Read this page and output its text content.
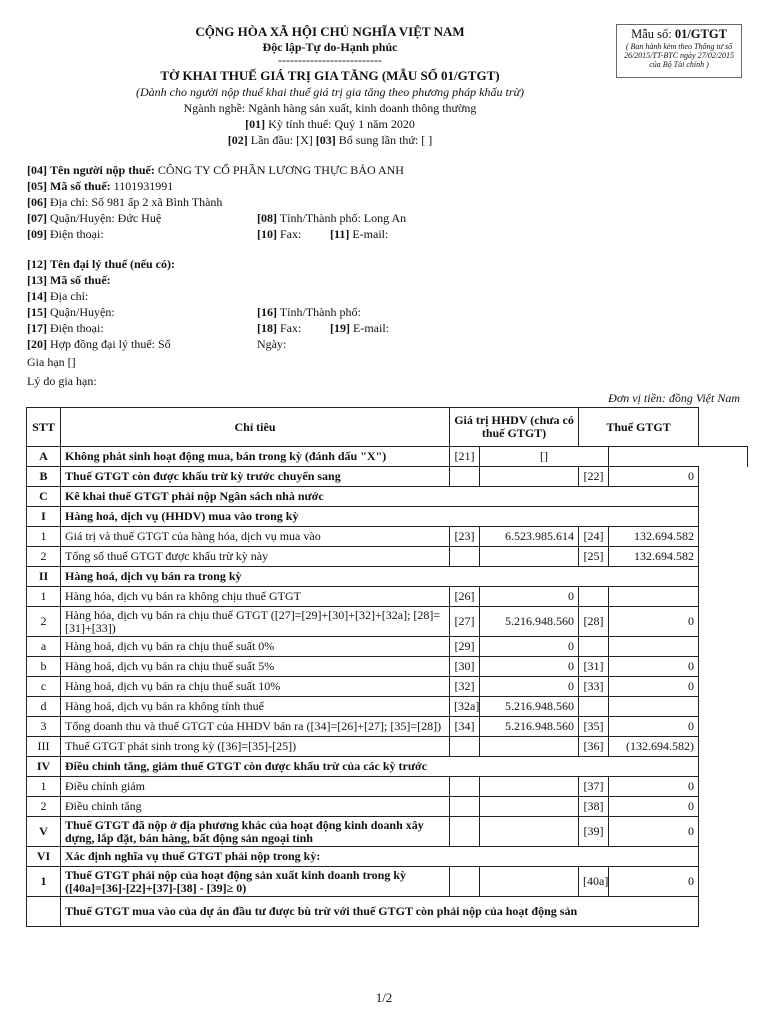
CỘNG HÒA XÃ HỘI CHỦ NGHĨA VIỆT NAM
Độc lập-Tự do-Hạnh phúc
--------------------------
TỜ KHAI THUẾ GIÁ TRỊ GIA TĂNG (MẪU SỐ 01/GTGT)
(Dành cho người nộp thuế khai thuế giá trị gia tăng theo phương pháp khấu trừ)
Ngành nghề: Ngành hàng sản xuất, kinh doanh thông thường
[01] Kỳ tính thuế: Quý 1 năm 2020
[02] Lần đầu: [X] [03] Bổ sung lần thứ: [ ]
Mẫu số: 01/GTGT
( Ban hành kèm theo Thông tư số 26/2015/TT-BTC ngày 27/02/2015 của Bộ Tài chính )
[04] Tên người nộp thuế: CÔNG TY CỔ PHẦN LƯƠNG THỰC BẢO ANH
[05] Mã số thuế: 1101931991
[06] Địa chỉ: Số 981 ấp 2 xã Bình Thành
[07] Quận/Huyện: Đức Huệ	[08] Tỉnh/Thành phố: Long An
[09] Điện thoại:	[10] Fax: [11] E-mail:
[12] Tên đại lý thuế (nếu có):
[13] Mã số thuế:
[14] Địa chỉ:
[15] Quận/Huyện:	[16] Tỉnh/Thành phố:
[17] Điện thoại:	[18] Fax: [19] E-mail:
[20] Hợp đồng đại lý thuế: Số	Ngày:
Gia hạn []
Lý do gia hạn:
Đơn vị tiền: đồng Việt Nam
STT	Chỉ tiêu	Giá trị HHDV (chưa có thuế GTGT)		Thuế GTGT	
A	Không phát sinh hoạt động mua, bán trong kỳ (đánh dấu "X")	[21]	[]		
B	Thuế GTGT còn được khấu trừ kỳ trước chuyển sang			[22]	0
C	Kê khai thuế GTGT phải nộp Ngân sách nhà nước				
I	Hàng hoá, dịch vụ (HHDV) mua vào trong kỳ				
1	Giá trị và thuế GTGT của hàng hóa, dịch vụ mua vào	[23]	6.523.985.614	[24]	132.694.582
2	Tổng số thuế GTGT được khấu trừ kỳ này			[25]	132.694.582
II	Hàng hoá, dịch vụ bán ra trong kỳ				
1	Hàng hóa, dịch vụ bán ra không chịu thuế GTGT	[26]	0		
2	Hàng hóa, dịch vụ bán ra chịu thuế GTGT ([27]=[29]+[30]+[32]+[32a]; [28]=[31]+[33])	[27]	5.216.948.560	[28]	0
a	Hàng hoá, dịch vụ bán ra chịu thuế suất 0%	[29]	0		
b	Hàng hoá, dịch vụ bán ra chịu thuế suất 5%	[30]	0	[31]	0
c	Hàng hoá, dịch vụ bán ra chịu thuế suất 10%	[32]	0	[33]	0
d	Hàng hoá, dịch vụ bán ra không tính thuế	[32a]	5.216.948.560		
3	Tổng doanh thu và thuế GTGT của HHDV bán ra ([34]=[26]+[27]; [35]=[28])	[34]	5.216.948.560	[35]	0
III	Thuế GTGT phát sinh trong kỳ ([36]=[35]-[25])			[36]	(132.694.582)
IV	Điều chỉnh tăng, giảm thuế GTGT còn được khấu trừ của các kỳ trước				
1	Điều chỉnh giảm			[37]	0
2	Điều chỉnh tăng			[38]	0
V	Thuế GTGT đã nộp ở địa phương khác của hoạt động kinh doanh xây dựng, lắp đặt, bán hàng, bất động sản ngoại tỉnh			[39]	0
VI	Xác định nghĩa vụ thuế GTGT phải nộp trong kỳ:				
1	Thuế GTGT phải nộp của hoạt động sản xuất kinh doanh trong kỳ ([40a]=[36]-[22]+[37]-[38] - [39]≥ 0)			[40a]	0
	Thuế GTGT mua vào của dự án đầu tư được bù trừ với thuế GTGT còn phải nộp của hoạt động sản				
1/2
